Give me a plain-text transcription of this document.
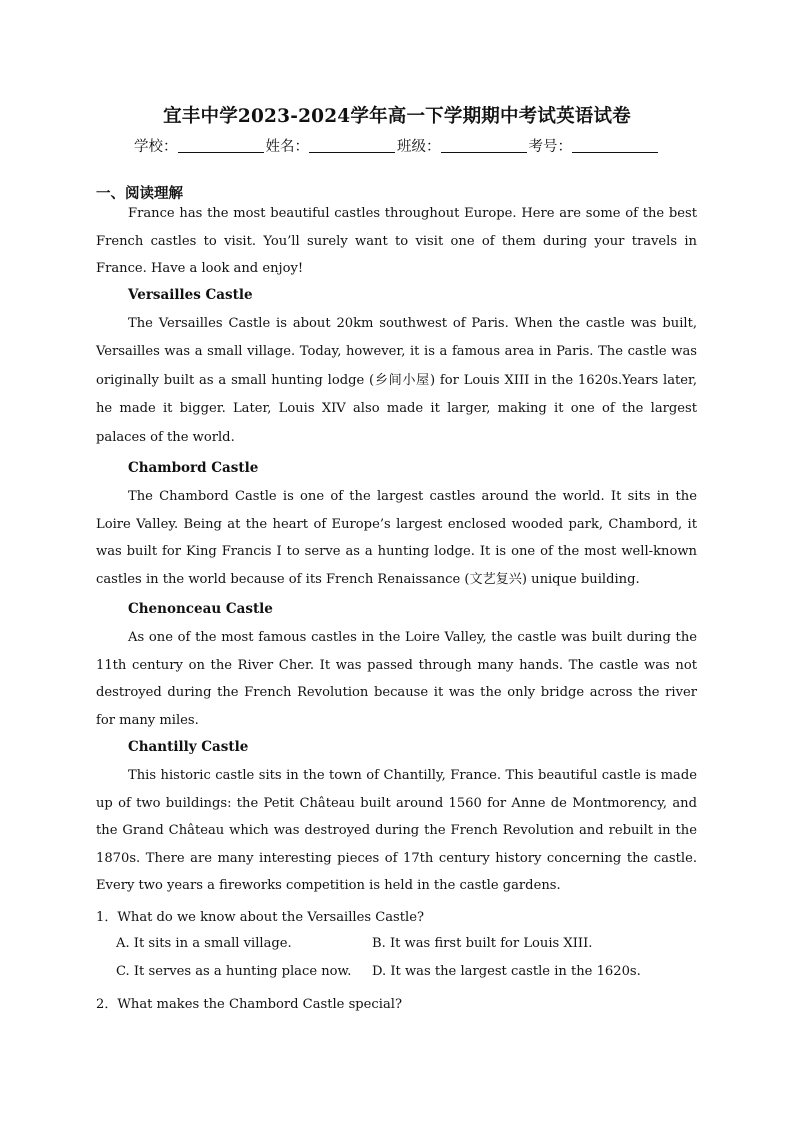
宜丰中学2023-2024学年高一下学期期中考试英语试卷
学校：	姓名：	班级：	考号：
一、阅读理解

France has the most beautiful castles throughout Europe. Here are some of the best French castles to visit. You’ll surely want to visit one of them during your travels in France. Have a look and enjoy!

Versailles Castle

The Versailles Castle is about 20km southwest of Paris. When the castle was built, Versailles was a small village. Today, however, it is a famous area in Paris. The castle was originally built as a small hunting lodge (乡间小屋) for Louis XIII in the 1620s.Years later, he made it bigger. Later, Louis XIV also made it larger, making it one of the largest palaces of the world.

Chambord Castle

The Chambord Castle is one of the largest castles around the world. It sits in the Loire Valley. Being at the heart of Europe’s largest enclosed wooded park, Chambord, it was built for King Francis I to serve as a hunting lodge. It is one of the most well-known castles in the world because of its French Renaissance (文艺复兴) unique building.

Chenonceau Castle

As one of the most famous castles in the Loire Valley, the castle was built during the 11th century on the River Cher. It was passed through many hands. The castle was not destroyed during the French Revolution because it was the only bridge across the river for many miles.

Chantilly Castle

This historic castle sits in the town of Chantilly, France. This beautiful castle is made up of two buildings: the Petit Château built around 1560 for Anne de Montmorency, and the Grand Château which was destroyed during the French Revolution and rebuilt in the 1870s. There are many interesting pieces of 17th century history concerning the castle. Every two years a fireworks competition is held in the castle gardens.

1．What do we know about the Versailles Castle?

A. It sits in a small village.	B. It was first built for Louis XIII.

C. It serves as a hunting place now. D. It was the largest castle in the 1620s.

2．What makes the Chambord Castle special?
